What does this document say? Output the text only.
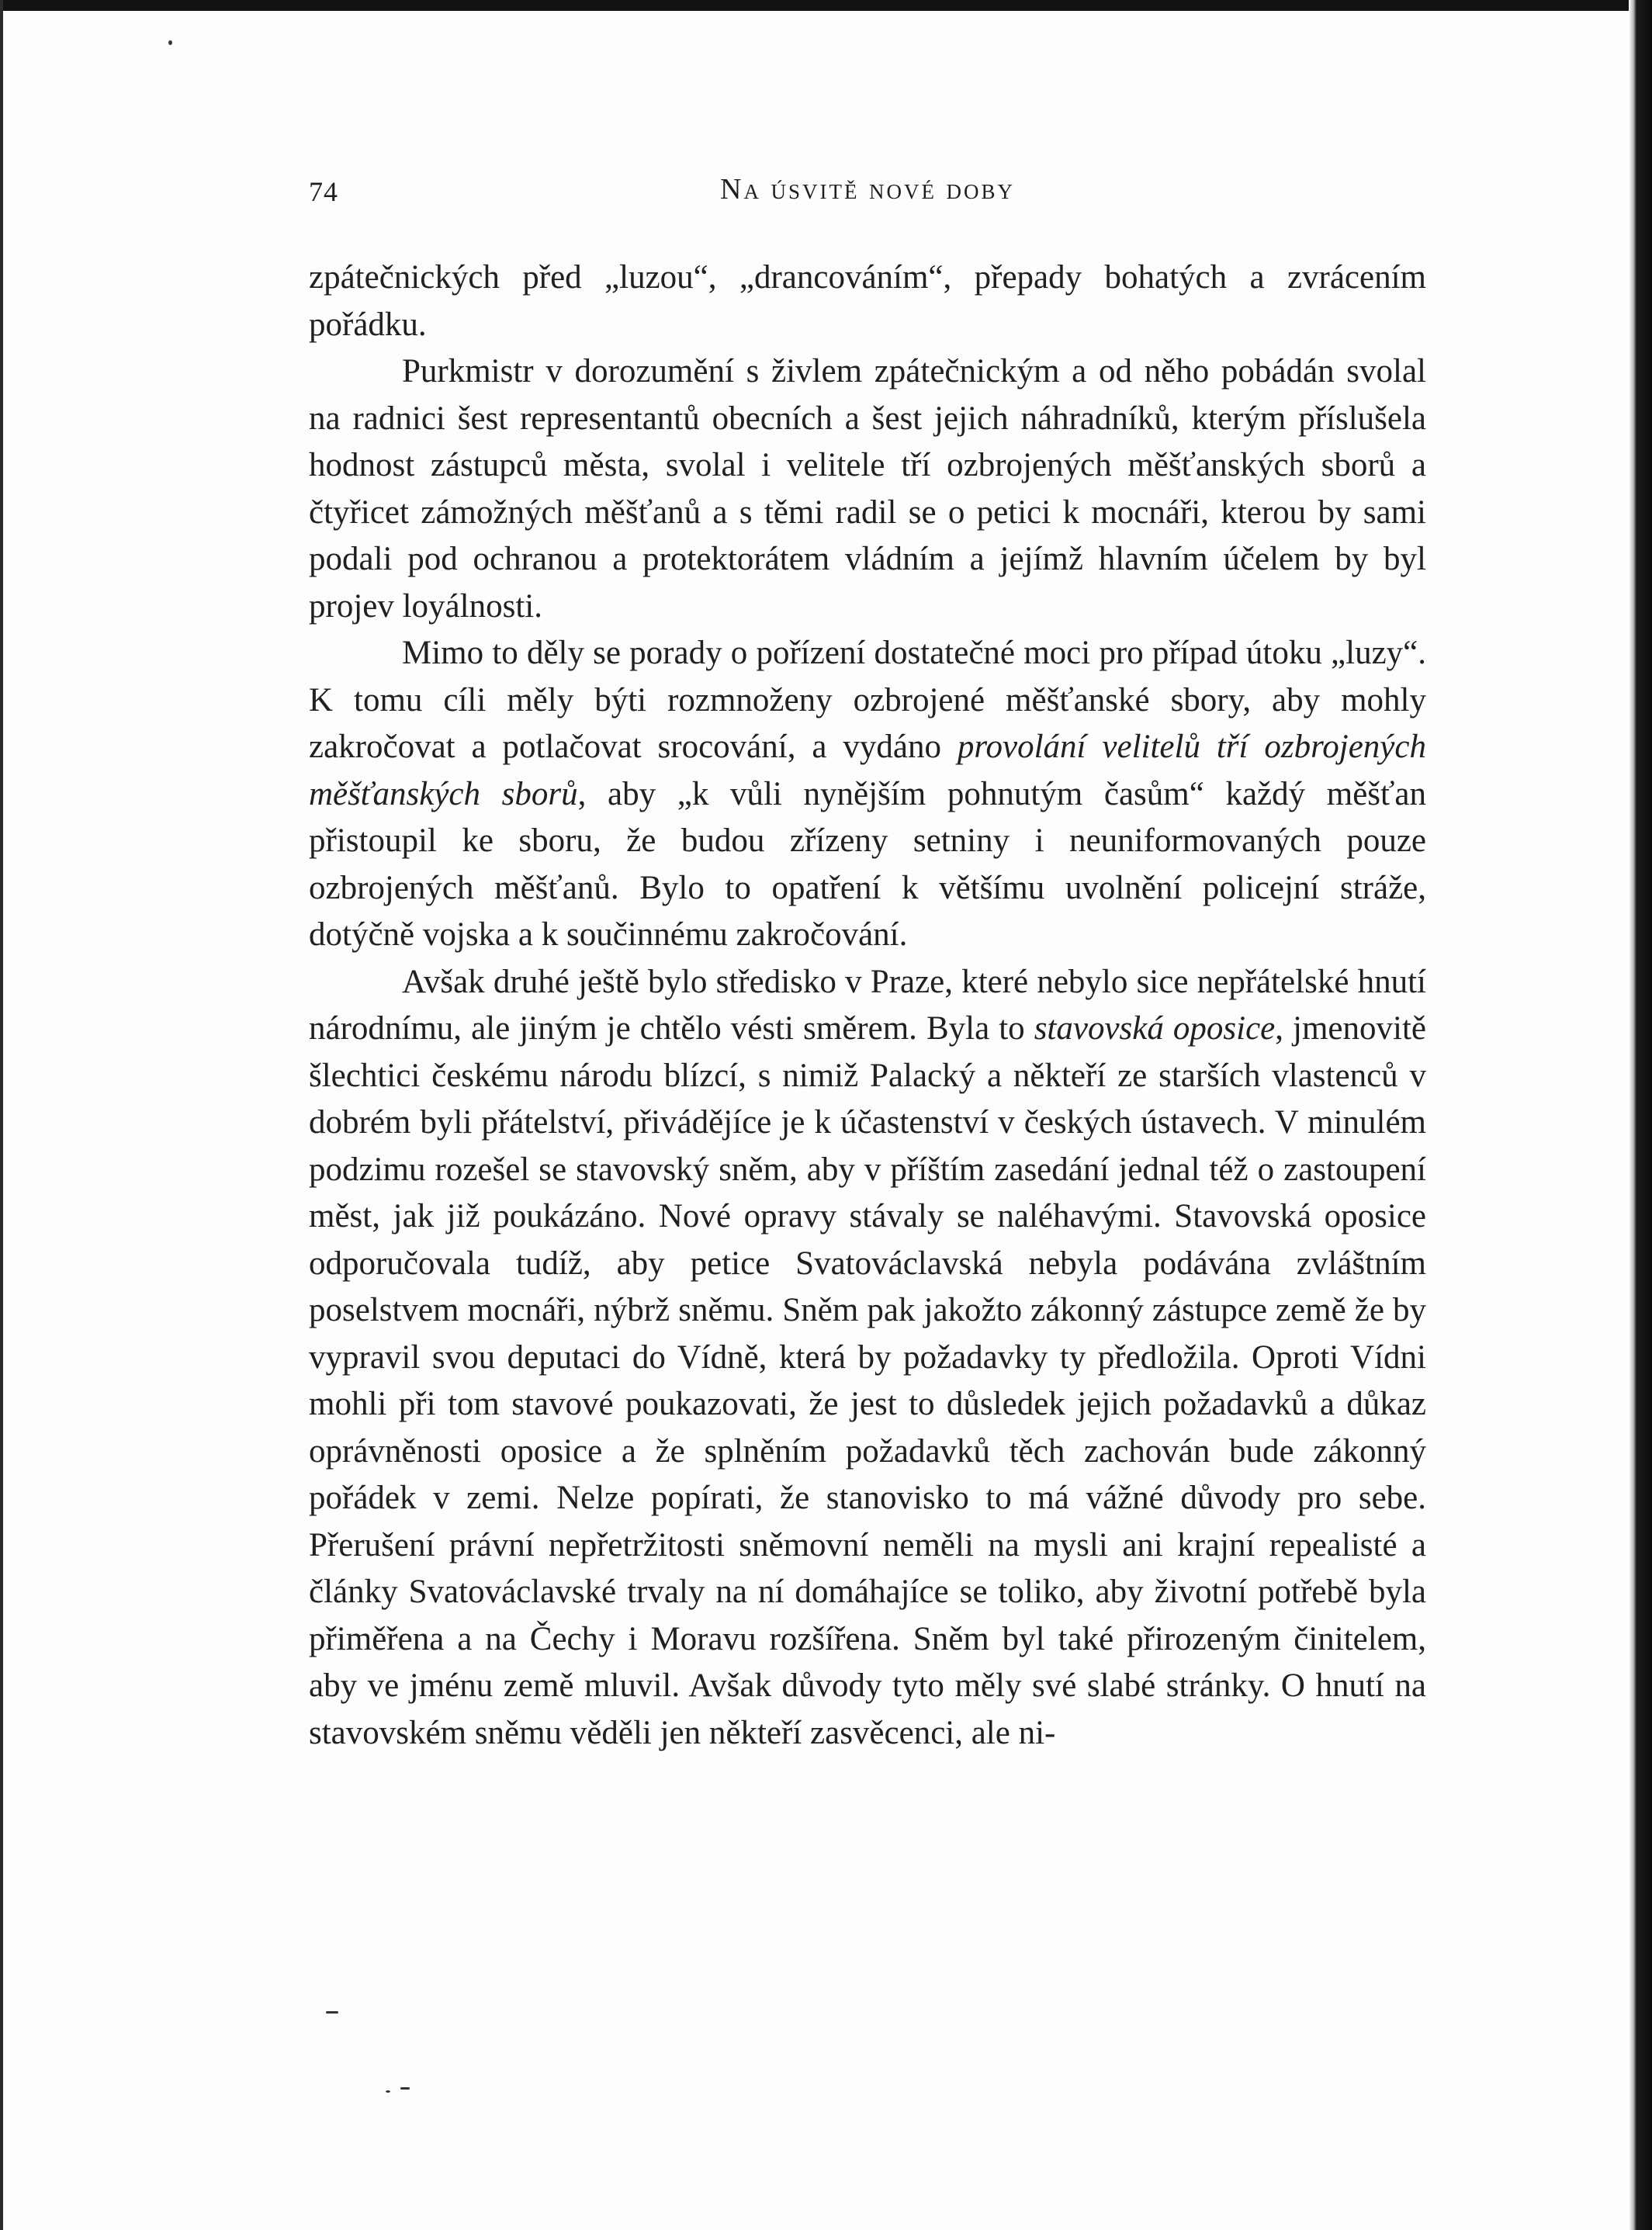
74	Na úsvitě nové doby

zpátečnických před „luzou“, „drancováním“, přepady bohatých a zvrácením pořádku.

Purkmistr v dorozumění s živlem zpátečnickým a od něho pobádán svolal na radnici šest representantů obecních a šest jejich náhradníků, kterým příslušela hodnost zástupců města, svolal i velitele tří ozbrojených měšťanských sborů a čtyřicet zámožných měšťanů a s těmi radil se o petici k mocnáři, kterou by sami podali pod ochranou a protektorátem vládním a jejímž hlavním účelem by byl projev loyálnosti.

Mimo to děly se porady o pořízení dostatečné moci pro případ útoku „luzy“. K tomu cíli měly býti rozmnoženy ozbrojené měšťanské sbory, aby mohly zakročovat a potlačovat srocování, a vydáno provolání velitelů tří ozbrojených měšťanských sborů, aby „k vůli nynějším pohnutým časům“ každý měšťan přistoupil ke sboru, že budou zřízeny setniny i neuniformovaných pouze ozbrojených měšťanů. Bylo to opatření k většímu uvolnění policejní stráže, dotýčně vojska a k součinnému zakročování.

Avšak druhé ještě bylo středisko v Praze, které nebylo sice nepřátelské hnutí národnímu, ale jiným je chtělo vésti směrem. Byla to stavovská oposice, jmenovitě šlechtici českému národu blízcí, s nimiž Palacký a někteří ze starších vlastenců v dobrém byli přátelství, přivádějíce je k účastenství v českých ústavech. V minulém podzimu rozešel se stavovský sněm, aby v příštím zasedání jednal též o zastoupení měst, jak již poukázáno. Nové opravy stávaly se naléhavými. Stavovská oposice odporučovala tudíž, aby petice Svatováclavská nebyla podávána zvláštním poselstvem mocnáři, nýbrž sněmu. Sněm pak jakožto zákonný zástupce země že by vypravil svou deputaci do Vídně, která by požadavky ty předložila. Oproti Vídni mohli při tom stavové poukazovati, že jest to důsledek jejich požadavků a důkaz oprávněnosti oposice a že splněním požadavků těch zachován bude zákonný pořádek v zemi. Nelze popírati, že stanovisko to má vážné důvody pro sebe. Přerušení právní nepřetržitosti sněmovní neměli na mysli ani krajní repealisté a články Svatováclavské trvaly na ní domáhajíce se toliko, aby životní potřebě byla přiměřena a na Čechy i Moravu rozšířena. Sněm byl také přirozeným činitelem, aby ve jménu země mluvil. Avšak důvody tyto měly své slabé stránky. O hnutí na stavovském sněmu věděli jen někteří zasvěcenci, ale ni-
